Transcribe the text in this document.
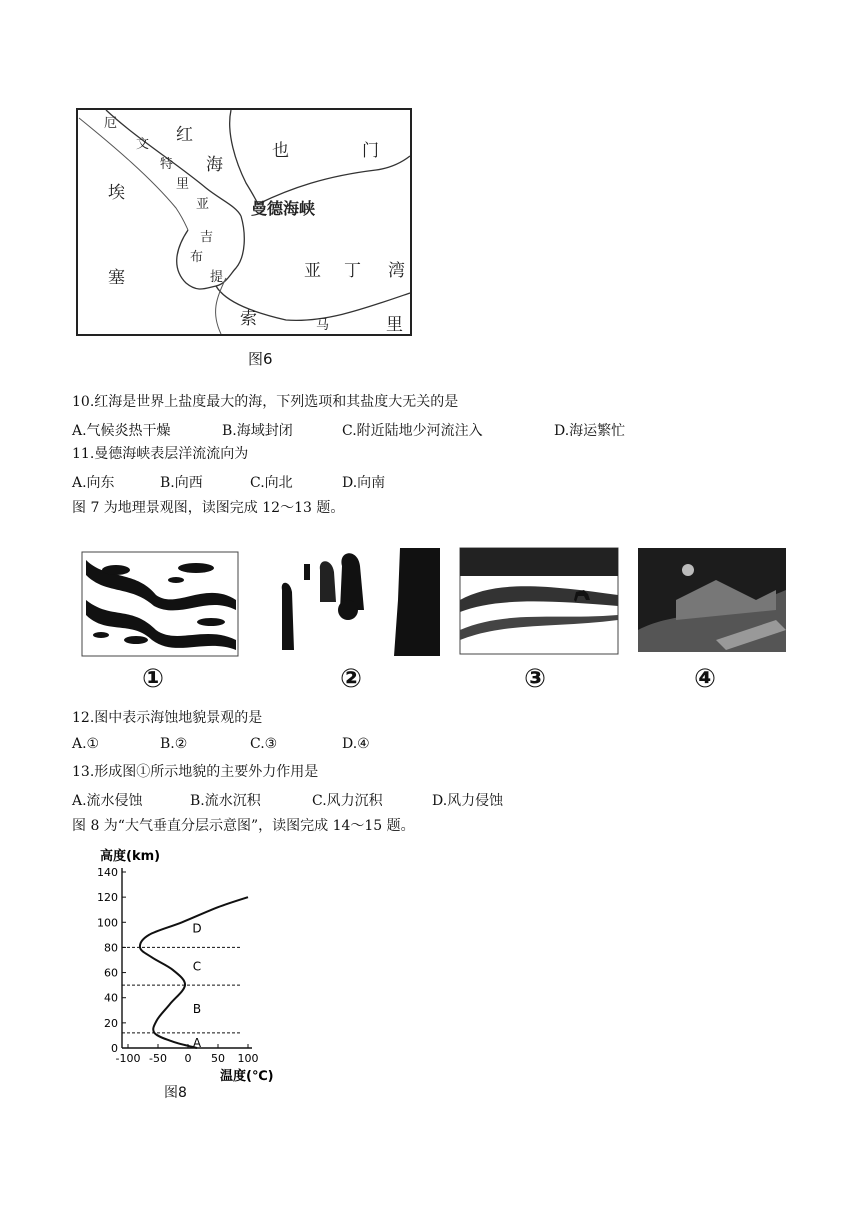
厄
文
特
里
亚
红
海
也	门
曼德海峡
埃
塞
吉
布
提	亚 丁 湾
索	马	里
图6
10.红海是世界上盐度最大的海，下列选项和其盐度大无关的是
A.气候炎热干燥	B.海域封闭	C.附近陆地少河流注入	D.海运繁忙
11.曼德海峡表层洋流流向为
A.向东	B.向西	C.向北	D.向南
图 7 为地理景观图，读图完成 12～13 题。
①	②	③	④
12.图中表示海蚀地貌景观的是
A.①	B.②	C.③	D.④
13.形成图①所示地貌的主要外力作用是
A.流水侵蚀	B.流水沉积	C.风力沉积	D.风力侵蚀
图 8 为“大气垂直分层示意图”，读图完成 14～15 题。
高度(km)
温度(℃)
0
20
40
60
80
100
120
140
-100 -50 0 50 100
A
B
C
D
图8
